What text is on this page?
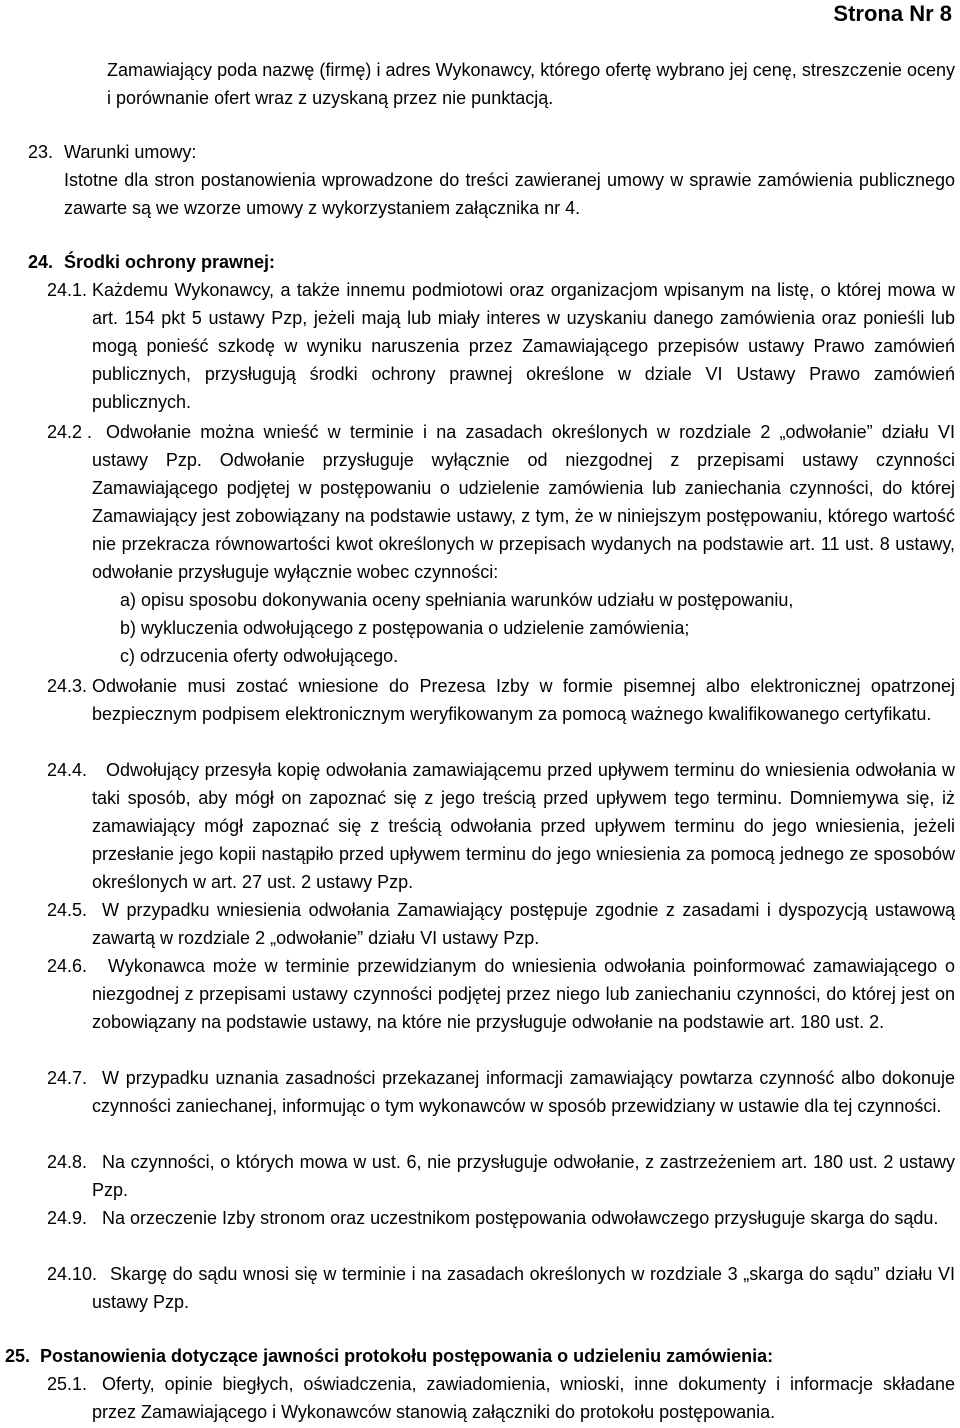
Strona Nr 8
Zamawiający poda nazwę (firmę) i adres Wykonawcy, którego ofertę wybrano jej cenę, streszczenie oceny i porównanie ofert wraz z uzyskaną przez nie punktacją.
23. Warunki umowy:
Istotne dla stron postanowienia wprowadzone do treści zawieranej umowy w sprawie zamówienia publicznego zawarte są we wzorze umowy z wykorzystaniem załącznika nr 4.
24. Środki ochrony prawnej:
24.1. Każdemu Wykonawcy, a także innemu podmiotowi oraz organizacjom wpisanym na listę, o której mowa w art. 154 pkt 5 ustawy Pzp, jeżeli mają lub miały interes w uzyskaniu danego zamówienia oraz ponieśli lub mogą ponieść szkodę w wyniku naruszenia przez Zamawiającego przepisów ustawy Prawo zamówień publicznych, przysługują środki ochrony prawnej określone w dziale VI Ustawy Prawo zamówień publicznych.
24.2 . Odwołanie można wnieść w terminie i na zasadach określonych w rozdziale 2 „odwołanie” działu VI ustawy Pzp. Odwołanie przysługuje wyłącznie od niezgodnej z przepisami ustawy czynności Zamawiającego podjętej w postępowaniu o udzielenie zamówienia lub zaniechania czynności, do której Zamawiający jest zobowiązany na podstawie ustawy, z tym, że w niniejszym postępowaniu, którego wartość nie przekracza równowartości kwot określonych w przepisach wydanych na podstawie art. 11 ust. 8 ustawy, odwołanie przysługuje wyłącznie wobec czynności:
a) opisu sposobu dokonywania oceny spełniania warunków udziału w postępowaniu,
b) wykluczenia odwołującego z postępowania o udzielenie zamówienia;
c) odrzucenia oferty odwołującego.
24.3. Odwołanie musi zostać wniesione do Prezesa Izby w formie pisemnej albo elektronicznej opatrzonej bezpiecznym podpisem elektronicznym weryfikowanym za pomocą ważnego kwalifikowanego certyfikatu.
24.4.	Odwołujący przesyła kopię odwołania zamawiającemu przed upływem terminu do wniesienia odwołania w taki sposób, aby mógł on zapoznać się z jego treścią przed upływem tego terminu. Domniemywa się, iż zamawiający mógł zapoznać się z treścią odwołania przed upływem terminu do jego wniesienia, jeżeli przesłanie jego kopii nastąpiło przed upływem terminu do jego wniesienia za pomocą jednego ze sposobów określonych w art. 27 ust. 2 ustawy Pzp.
24.5. W przypadku wniesienia odwołania Zamawiający postępuje zgodnie z zasadami i dyspozycją ustawową zawartą w rozdziale 2 „odwołanie” działu VI ustawy Pzp.
24.6.	Wykonawca może w terminie przewidzianym do wniesienia odwołania poinformować zamawiającego o niezgodnej z przepisami ustawy czynności podjętej przez niego lub zaniechaniu czynności, do której jest on zobowiązany na podstawie ustawy, na które nie przysługuje odwołanie na podstawie art. 180 ust. 2.
24.7. W przypadku uznania zasadności przekazanej informacji zamawiający powtarza czynność albo dokonuje czynności zaniechanej, informując o tym wykonawców w sposób przewidziany w ustawie dla tej czynności.
24.8. Na czynności, o których mowa w ust. 6, nie przysługuje odwołanie, z zastrzeżeniem art. 180 ust. 2 ustawy Pzp.
24.9. Na orzeczenie Izby stronom oraz uczestnikom postępowania odwoławczego przysługuje skarga do sądu.
24.10. Skargę do sądu wnosi się w terminie i na zasadach określonych w rozdziale 3 „skarga do sądu” działu VI ustawy Pzp.
25. Postanowienia dotyczące jawności protokołu postępowania o udzieleniu zamówienia:
25.1. Oferty, opinie biegłych, oświadczenia, zawiadomienia, wnioski, inne dokumenty i informacje składane przez Zamawiającego i Wykonawców stanowią załączniki do protokołu postępowania.
